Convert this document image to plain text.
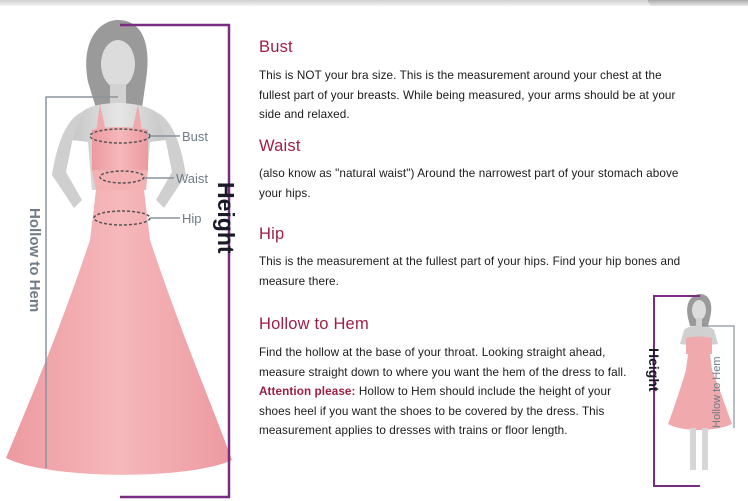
Bust
Waist
Hip
Hollow to Hem	Height
Bust

This is NOT your bra size. This is the measurement around your chest at the

fullest part of your breasts. While being measured, your arms should be at your

side and relaxed.

Waist

(also know as "natural waist") Around the narrowest part of your stomach above

your hips.

Hip

This is the measurement at the fullest part of your hips. Find your hip bones and

measure there.

Hollow to Hem

Find the hollow at the base of your throat. Looking straight ahead,

measure straight down to where you want the hem of the dress to fall.

Attention please: Hollow to Hem should include the height of your

shoes heel if you want the shoes to be covered by the dress. This

measurement applies to dresses with trains or floor length.

Height	Hollow to Hem
